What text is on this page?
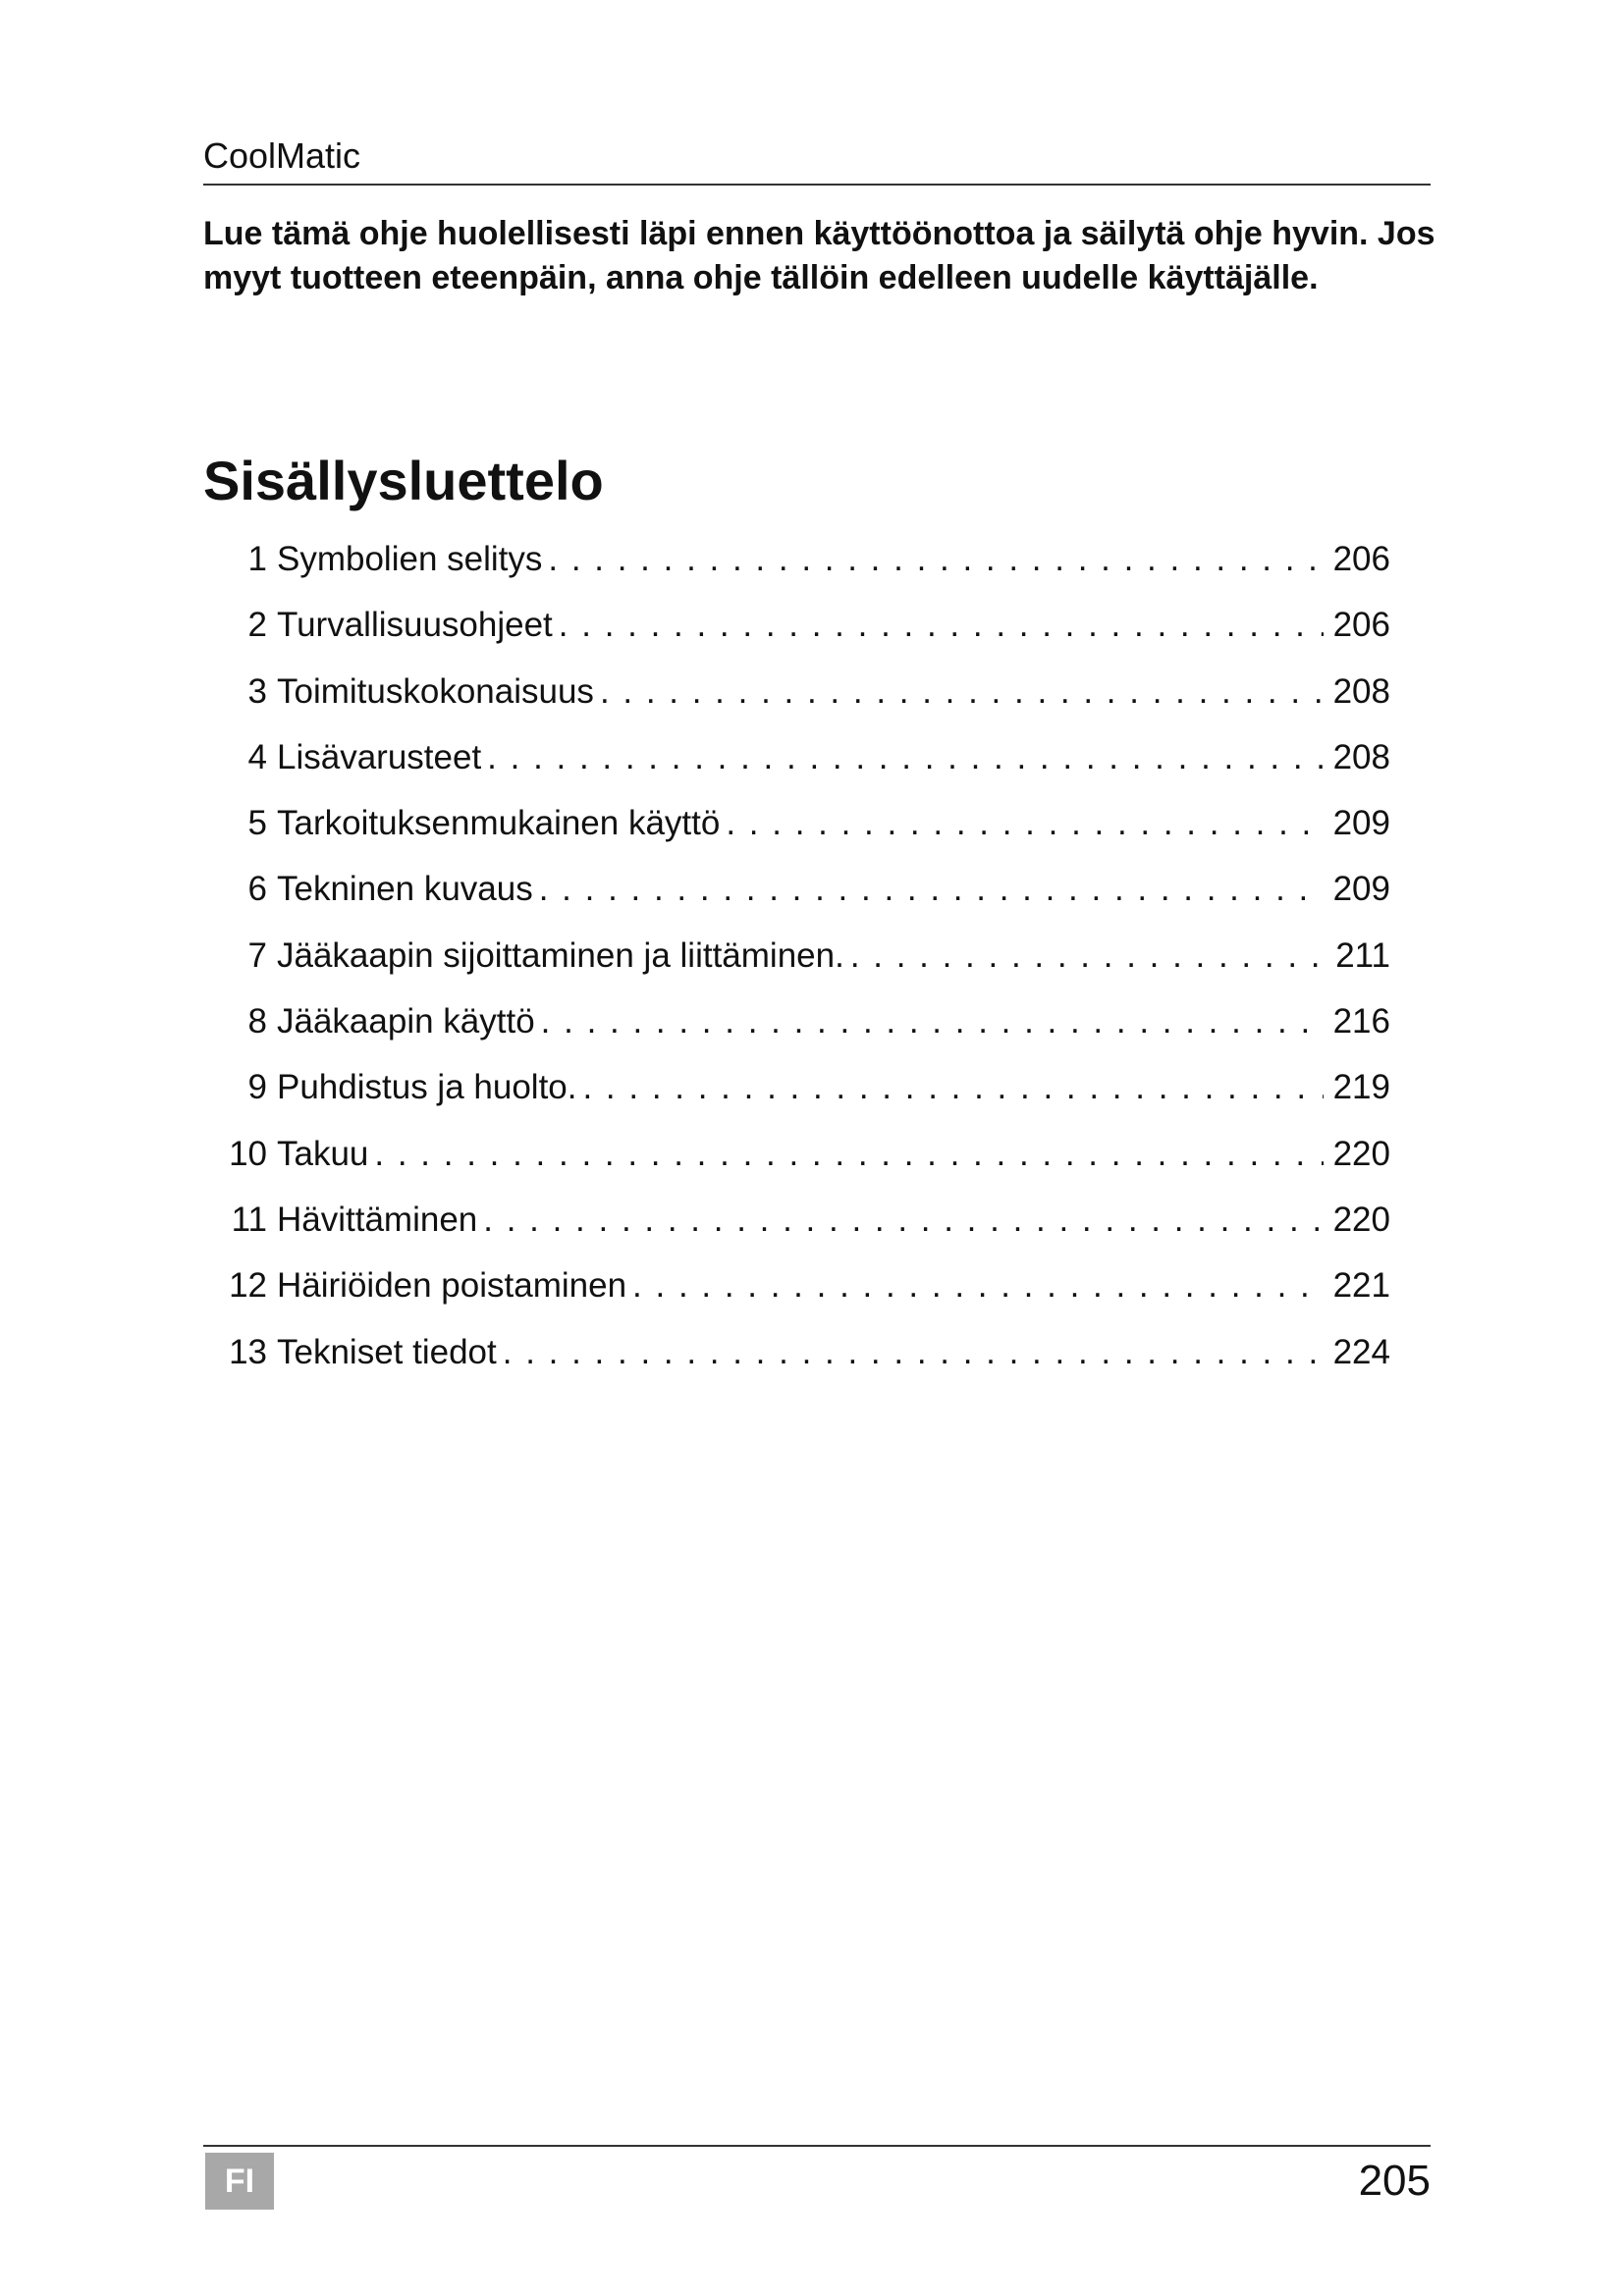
CoolMatic

Lue tämä ohje huolellisesti läpi ennen käyttöönottoa ja säilytä ohje hyvin. Jos myyt tuotteen eteenpäin, anna ohje tällöin edelleen uudelle käyttäjälle.

Sisällysluettelo
1 Symbolien selitys . . .	206
2 Turvallisuusohjeet . . .	206
3 Toimituskokonaisuus . . .	208
4 Lisävarusteet . . .	208
5 Tarkoituksenmukainen käyttö . . .	209
6 Tekninen kuvaus . . .	209
7 Jääkaapin sijoittaminen ja liittäminen. . . .	211
8 Jääkaapin käyttö . . .	216
9 Puhdistus ja huolto. . . .	219
10 Takuu . . .	220
11 Hävittäminen . . .	220
12 Häiriöiden poistaminen . . .	221
13 Tekniset tiedot . . .	224
FI	205
